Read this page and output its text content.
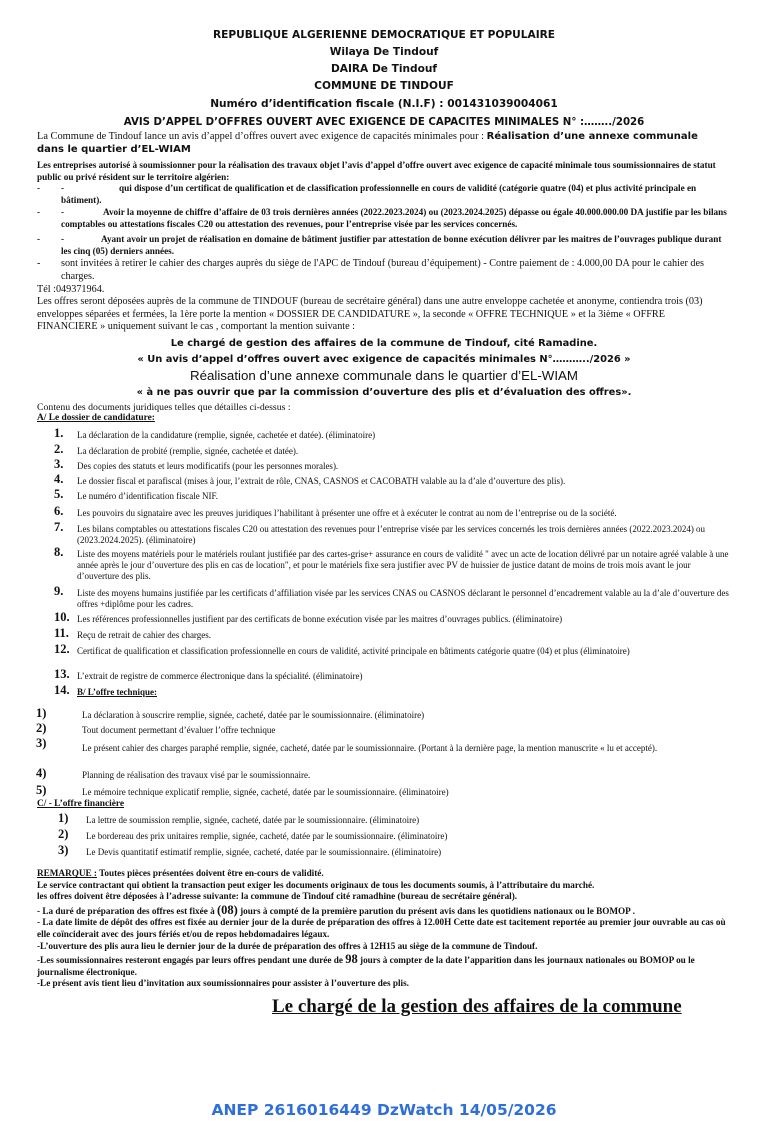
REPUBLIQUE ALGERIENNE DEMOCRATIQUE ET POPULAIRE
Wilaya De Tindouf
DAIRA De Tindouf
COMMUNE DE TINDOUF
Numéro d’identification fiscale (N.I.F) : 001431039004061
AVIS D’APPEL D’OFFRES OUVERT AVEC EXIGENCE DE CAPACITES MINIMALES N° :……../2026
La Commune de Tindouf lance un avis d’appel d’offres ouvert avec exigence de capacités minimales pour : Réalisation d’une annexe communale dans le quartier d’EL-WIAM
Les entreprises autorisé à soumissionner pour la réalisation des travaux objet l’avis d’appel d’offre ouvert avec exigence de capacité minimale tous soumissionnaires de statut public ou privé résident sur le territoire algérien:
- -	qui dispose d’un certificat de qualification et de classification professionnelle en cours de validité (catégorie quatre (04) et plus activité principale en bâtiment).
- -	Avoir la moyenne de chiffre d’affaire de 03 trois dernières années (2022.2023.2024) ou (2023.2024.2025) dépasse ou égale 40.000.000.00 DA justifie par les bilans comptables ou attestations fiscales C20 ou attestation des revenues, pour l’entreprise visée par les services concernés.
- -	Ayant avoir un projet de réalisation en domaine de bâtiment justifier par attestation de bonne exécution délivrer par les maitres de l’ouvrages publique durant les cinq (05) derniers années.
- sont invitées à retirer le cahier des charges auprès du siège de l'APC de Tindouf (bureau d’équipement) - Contre paiement de : 4.000,00 DA pour le cahier des charges.
Tél :049371964.
Les offres seront déposées auprès de la commune de TINDOUF (bureau de secrétaire général) dans une autre enveloppe cachetée et anonyme, contiendra trois (03) enveloppes séparées et fermées, la 1ère porte la mention « DOSSIER DE CANDIDATURE », la seconde « OFFRE TECHNIQUE » et la 3ième « OFFRE FINANCIERE » uniquement suivant le cas , comportant la mention suivante :
Le chargé de gestion des affaires de la commune de Tindouf, cité Ramadine.
« Un avis d’appel d’offres ouvert avec exigence de capacités minimales N°………../2026 »
Réalisation d’une annexe communale dans le quartier d’EL-WIAM
« à ne pas ouvrir que par la commission d’ouverture des plis et d’évaluation des offres».
Contenu des documents juridiques telles que détailles ci-dessus :
A/ Le dossier de candidature:
1. La déclaration de la candidature (remplie, signée, cachetée et datée). (éliminatoire)
2. La déclaration de probité (remplie, signée, cachetée et datée).
3. Des copies des statuts et leurs modificatifs (pour les personnes morales).
4. Le dossier fiscal et parafiscal (mises à jour, l’extrait de rôle, CNAS, CASNOS et CACOBATH valable au la d’ale d’ouverture des plis).
5. Le numéro d’identification fiscale NIF.
6. Les pouvoirs du signataire avec les preuves juridiques l’habilitant à présenter une offre et à exécuter le contrat au nom de l’entreprise ou de la société.
7. Les bilans comptables ou attestations fiscales C20 ou attestation des revenues pour l’entreprise visée par les services concernés les trois dernières années (2022.2023.2024) ou (2023.2024.2025). (éliminatoire)
8. Liste des moyens matériels pour le matériels roulant justifiée par des cartes-grise+ assurance en cours de validité " avec un acte de location délivré par un notaire agréé valable à une année après le jour d’ouverture des plis en cas de location", et pour le matériels fixe sera justifier avec PV de huissier de justice datant de moins de trois mois avant le jour d’ouverture des plis.
9. Liste des moyens humains justifiée par les certificats d’affiliation visée par les services CNAS ou CASNOS déclarant le personnel d’encadrement valable au la d’ale d’ouverture des offres +diplôme pour les cadres.
10. Les références professionnelles justifient par des certificats de bonne exécution visée par les maitres d’ouvrages publics. (éliminatoire)
11. Reçu de retrait de cahier des charges.
12. Certificat de qualification et classification professionnelle en cours de validité, activité principale en bâtiments catégorie quatre (04) et plus (éliminatoire)
13. L’extrait de registre de commerce électronique dans la spécialité. (éliminatoire)
14. B/ L’offre technique:
1)	La déclaration à souscrire remplie, signée, cacheté, datée par le soumissionnaire. (éliminatoire)
2)	Tout document permettant d’évaluer l’offre technique
3)	Le présent cahier des charges paraphé remplie, signée, cacheté, datée par le soumissionnaire. (Portant à la dernière page, la mention manuscrite « lu et accepté).
4)	Planning de réalisation des travaux visé par le soumissionnaire.
5)	Le mémoire technique explicatif remplie, signée, cacheté, datée par le soumissionnaire. (éliminatoire)
C/ - L’offre financière
1) La lettre de soumission remplie, signée, cacheté, datée par le soumissionnaire. (éliminatoire)
2) Le bordereau des prix unitaires remplie, signée, cacheté, datée par le soumissionnaire. (éliminatoire)
3) Le Devis quantitatif estimatif remplie, signée, cacheté, datée par le soumissionnaire. (éliminatoire)
REMARQUE : Toutes pièces présentées doivent être en-cours de validité.
Le service contractant qui obtient la transaction peut exiger les documents originaux de tous les documents soumis, à l’attributaire du marché.
les offres doivent être déposées à l’adresse suivante: la commune de Tindouf cité ramadhine (bureau de secrétaire général).
- La duré de préparation des offres est fixée à (08) jours à compté de la première parution du présent avis dans les quotidiens nationaux ou le BOMOP .
- La date limite de dépôt des offres est fixée au dernier jour de la durée de préparation des offres à 12.00H Cette date est tacitement reportée au premier jour ouvrable au cas où elle coïnciderait avec des jours fériés et/ou de repos hebdomadaires légaux.
-L’ouverture des plis aura lieu le dernier jour de la durée de préparation des offres à 12H15 au siège de la commune de Tindouf.
-Les soumissionnaires resteront engagés par leurs offres pendant une durée de 98 jours à compter de la date l’apparition dans les journaux nationales ou BOMOP ou le journalisme électronique.
-Le présent avis tient lieu d’invitation aux soumissionnaires pour assister à l’ouverture des plis.
Le chargé de la gestion des affaires de la commune
ANEP 2616016449 DzWatch 14/05/2026
